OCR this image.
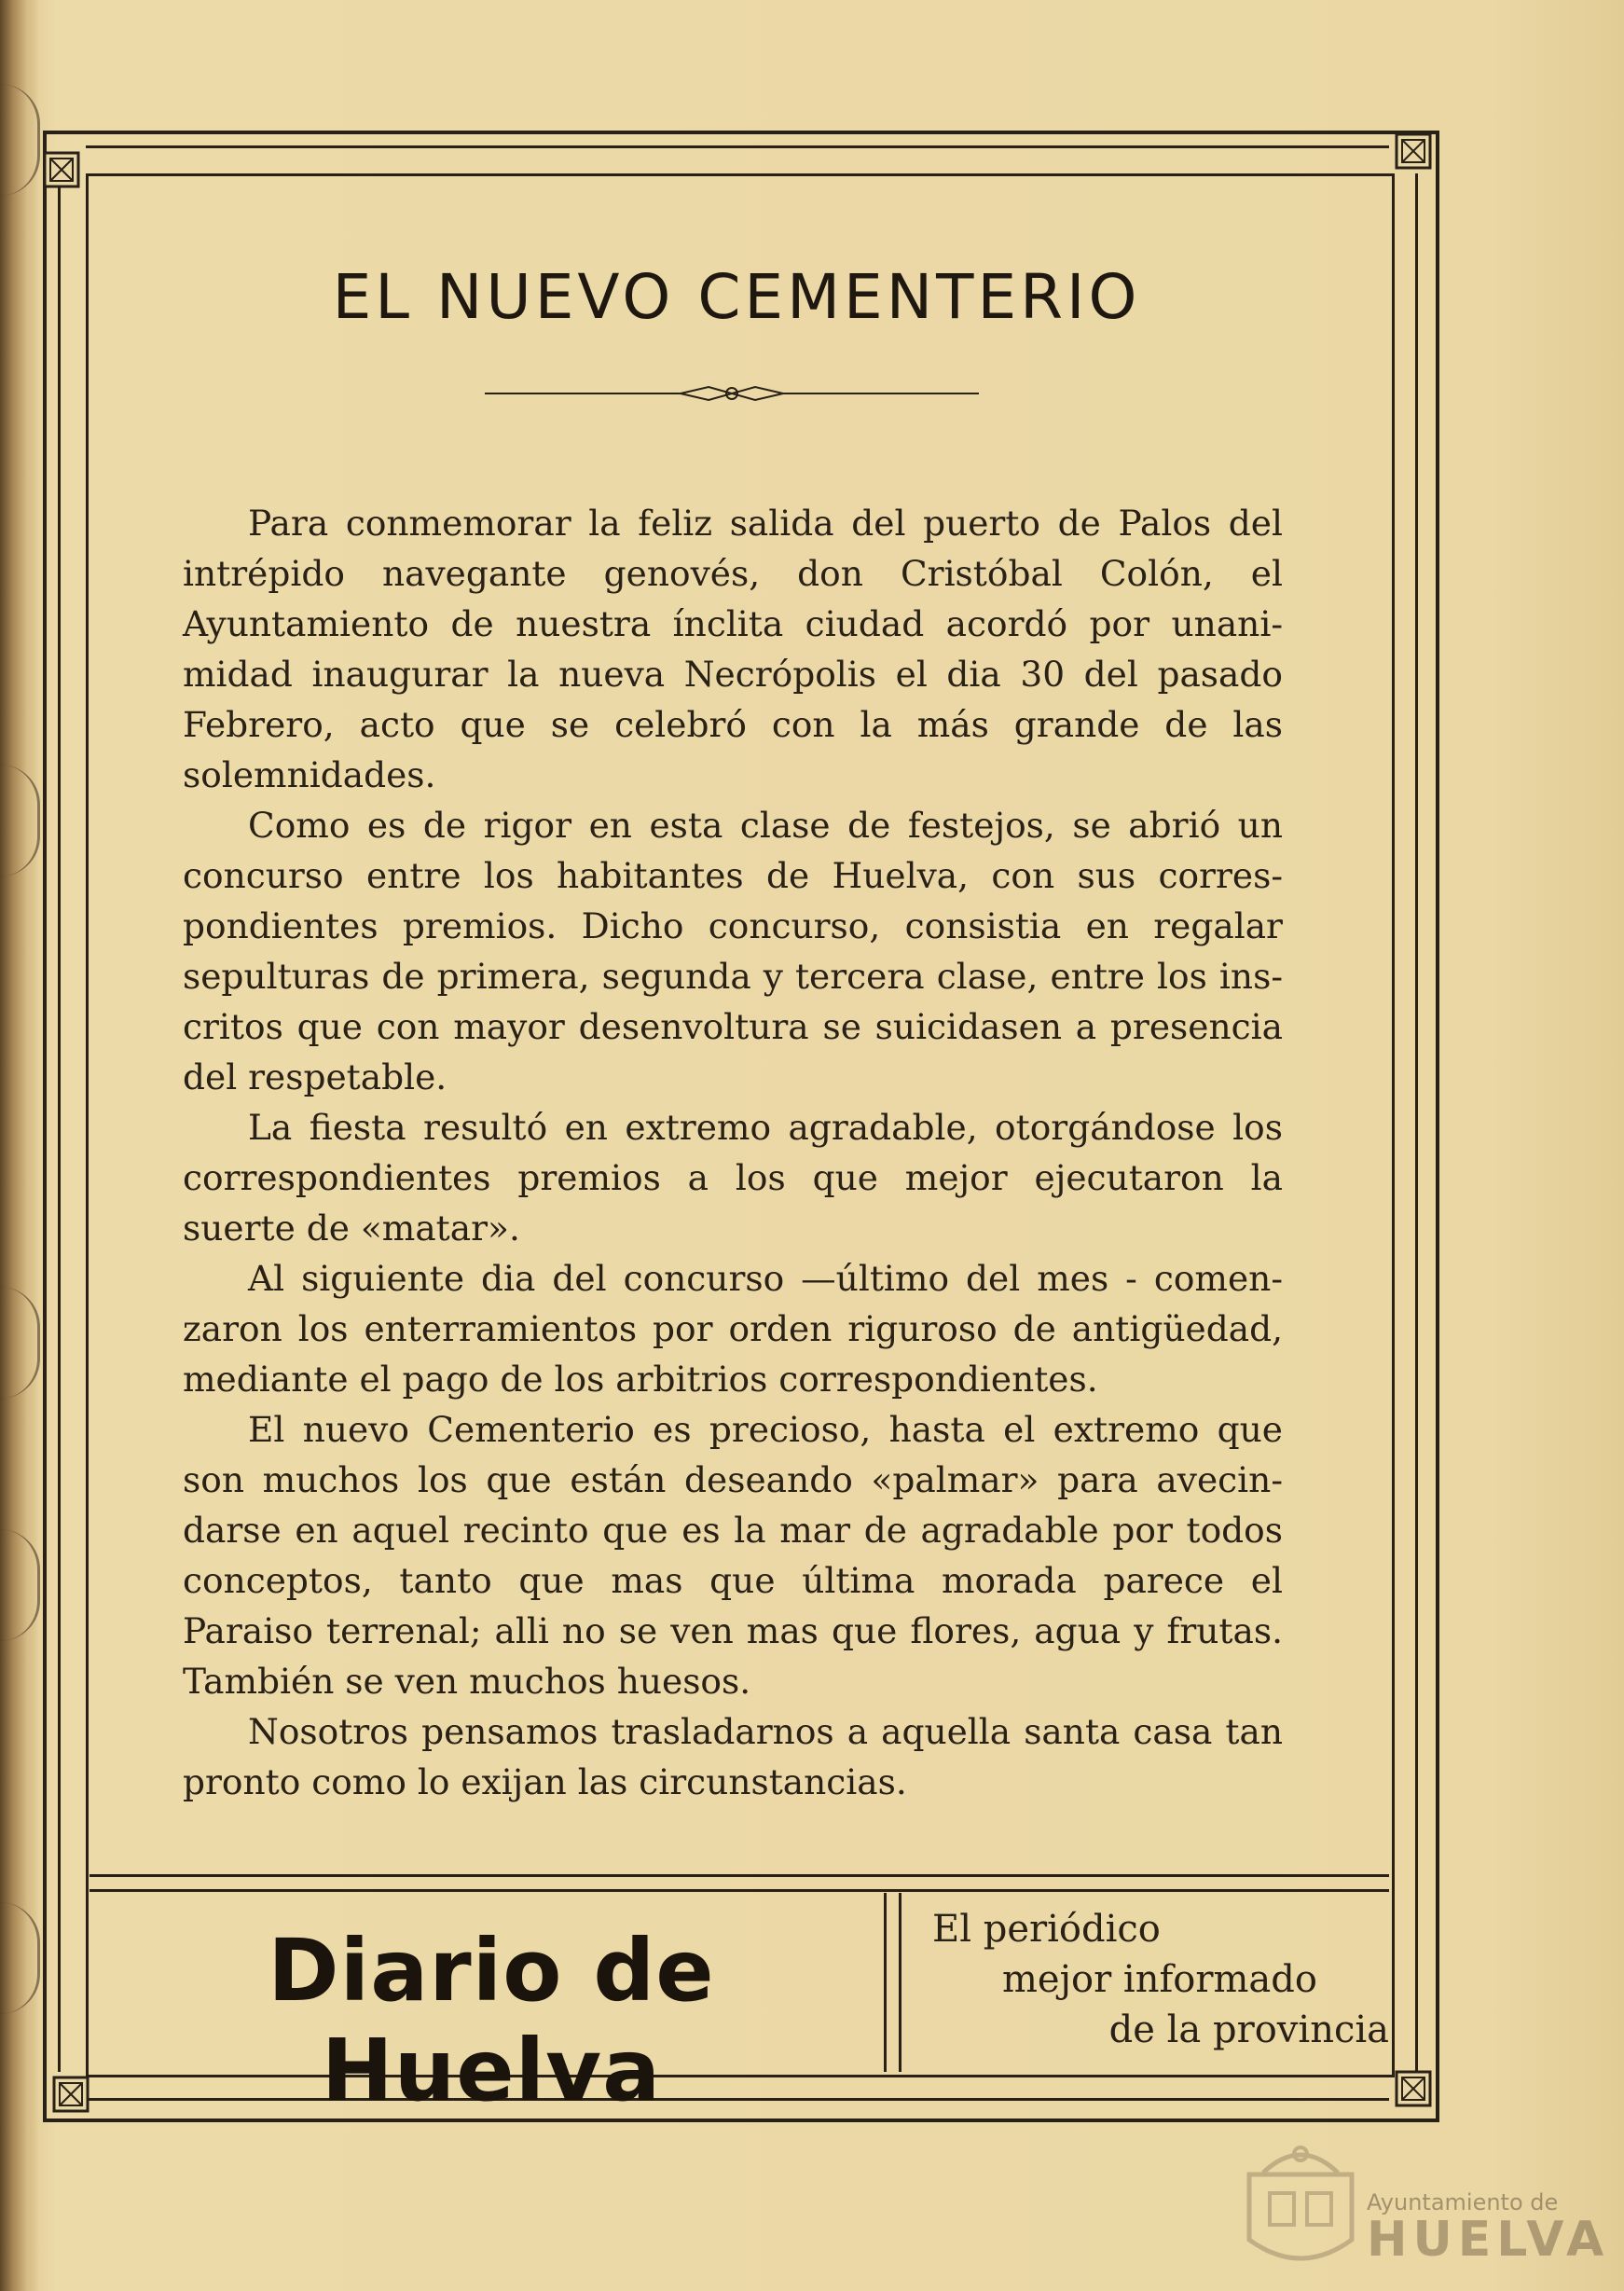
EL NUEVO CEMENTERIO

Para conmemorar la feliz salida del puerto de Palos del intrépido navegante genovés, don Cristóbal Colón, el Ayuntamiento de nuestra ínclita ciudad acordó por unanimidad inaugurar la nueva Necrópolis el dia 30 del pasado Febrero, acto que se celebró con la más grande de las solemnidades.

Como es de rigor en esta clase de festejos, se abrió un concurso entre los habitantes de Huelva, con sus correspondientes premios. Dicho concurso, consistia en regalar sepulturas de primera, segunda y tercera clase, entre los inscritos que con mayor desenvoltura se suicidasen a presencia del respetable.

La fiesta resultó en extremo agradable, otorgándose los correspondientes premios a los que mejor ejecutaron la suerte de «matar».

Al siguiente dia del concurso —último del mes - comenzaron los enterramientos por orden riguroso de antigüedad, mediante el pago de los arbitrios correspondientes.

El nuevo Cementerio es precioso, hasta el extremo que son muchos los que están deseando «palmar» para avecindarse en aquel recinto que es la mar de agradable por todos conceptos, tanto que mas que última morada parece el Paraiso terrenal; alli no se ven mas que flores, agua y frutas. También se ven muchos huesos.

Nosotros pensamos trasladarnos a aquella santa casa tan pronto como lo exijan las circunstancias.

Diario de Huelva
El periódico
mejor informado
de la provincia
Ayuntamiento de
HUELVA
